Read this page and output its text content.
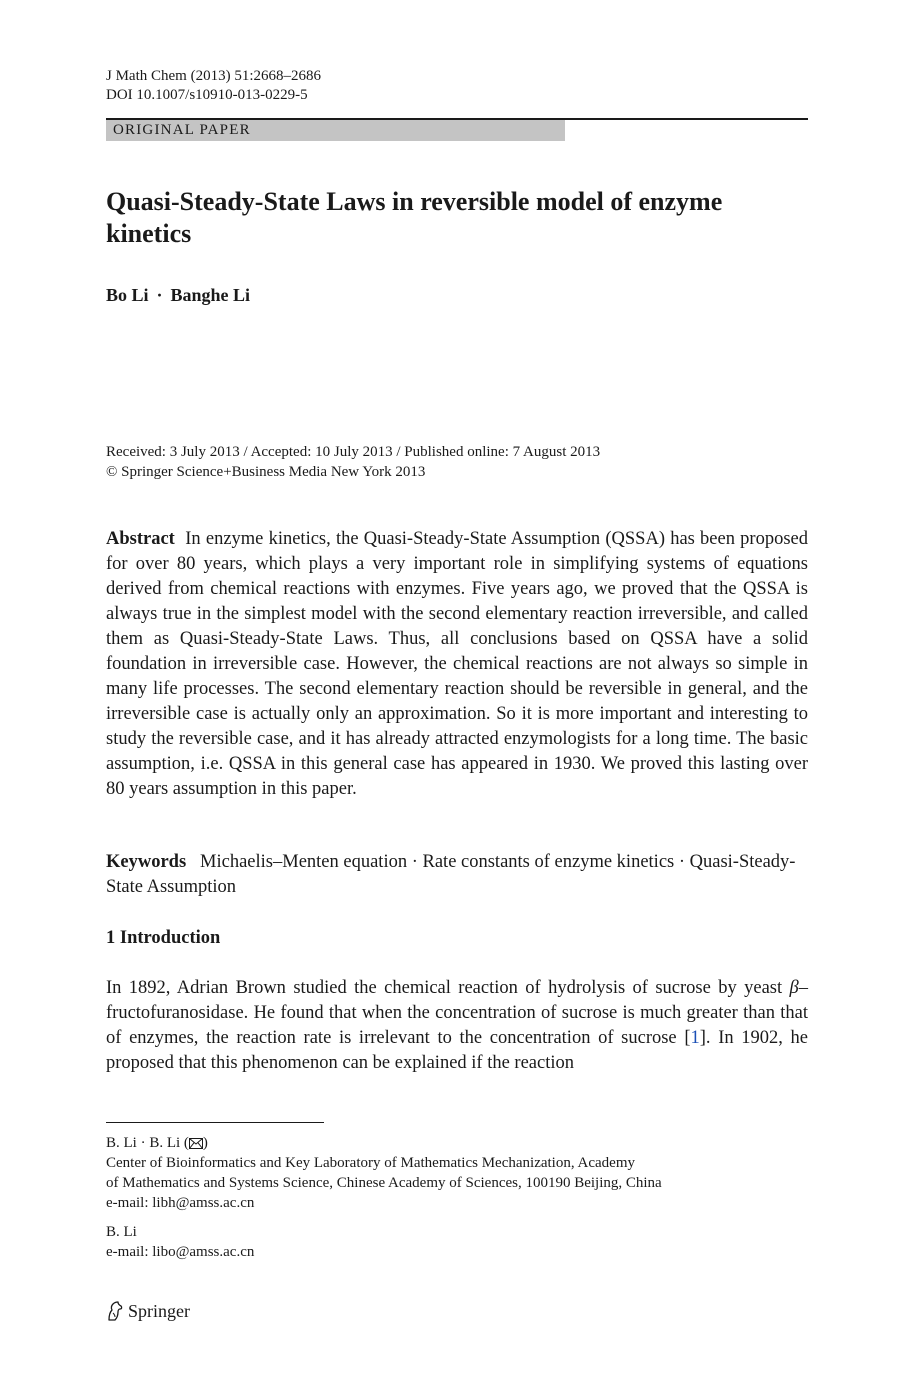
J Math Chem (2013) 51:2668–2686
DOI 10.1007/s10910-013-0229-5
ORIGINAL PAPER
Quasi-Steady-State Laws in reversible model of enzyme kinetics
Bo Li · Banghe Li
Received: 3 July 2013 / Accepted: 10 July 2013 / Published online: 7 August 2013
© Springer Science+Business Media New York 2013

Abstract In enzyme kinetics, the Quasi-Steady-State Assumption (QSSA) has been proposed for over 80 years, which plays a very important role in simplifying systems of equations derived from chemical reactions with enzymes. Five years ago, we proved that the QSSA is always true in the simplest model with the second elementary reaction irreversible, and called them as Quasi-Steady-State Laws. Thus, all conclusions based on QSSA have a solid foundation in irreversible case. However, the chemical reactions are not always so simple in many life processes. The second elementary reaction should be reversible in general, and the irreversible case is actually only an approximation. So it is more important and interesting to study the reversible case, and it has already attracted enzymologists for a long time. The basic assumption, i.e. QSSA in this general case has appeared in 1930. We proved this lasting over 80 years assumption in this paper.

Keywords Michaelis–Menten equation · Rate constants of enzyme kinetics · Quasi-Steady-State Assumption

1 Introduction

In 1892, Adrian Brown studied the chemical reaction of hydrolysis of sucrose by yeast β–fructofuranosidase. He found that when the concentration of sucrose is much greater than that of enzymes, the reaction rate is irrelevant to the concentration of sucrose [1]. In 1902, he proposed that this phenomenon can be explained if the reaction

B. Li · B. Li ( )
Center of Bioinformatics and Key Laboratory of Mathematics Mechanization, Academy
of Mathematics and Systems Science, Chinese Academy of Sciences, 100190 Beijing, China
e-mail: libh@amss.ac.cn
B. Li
e-mail: libo@amss.ac.cn
Springer
